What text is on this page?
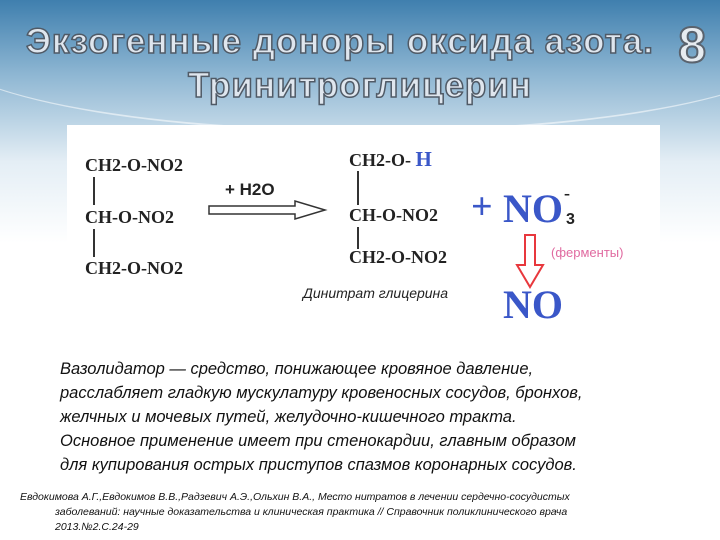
Экзогенные доноры оксида азота.
Тринитроглицерин
8
CH2-O-NO2
CH-O-NO2
CH2-O-NO2
+ H2O
CH2-O- H
CH-O-NO2
CH2-O-NO2
Динитрат глицерина
+ NO -
3
(ферменты)
NO
Вазолидатор — средство, понижающее кровяное давление,
расслабляет гладкую мускулатуру кровеносных сосудов, бронхов,
желчных и мочевых путей, желудочно-кишечного тракта.
Основное применение имеет при стенокардии, главным образом
для купирования острых приступов спазмов коронарных сосудов.
Евдокимова А.Г.,Евдокимов В.В.,Радзевич А.Э.,Ольхин В.А., Место нитратов в лечении сердечно-сосудистых
заболеваний: научные доказательства и клиническая практика // Справочник поликлинического врача
2013.№2.С.24-29
